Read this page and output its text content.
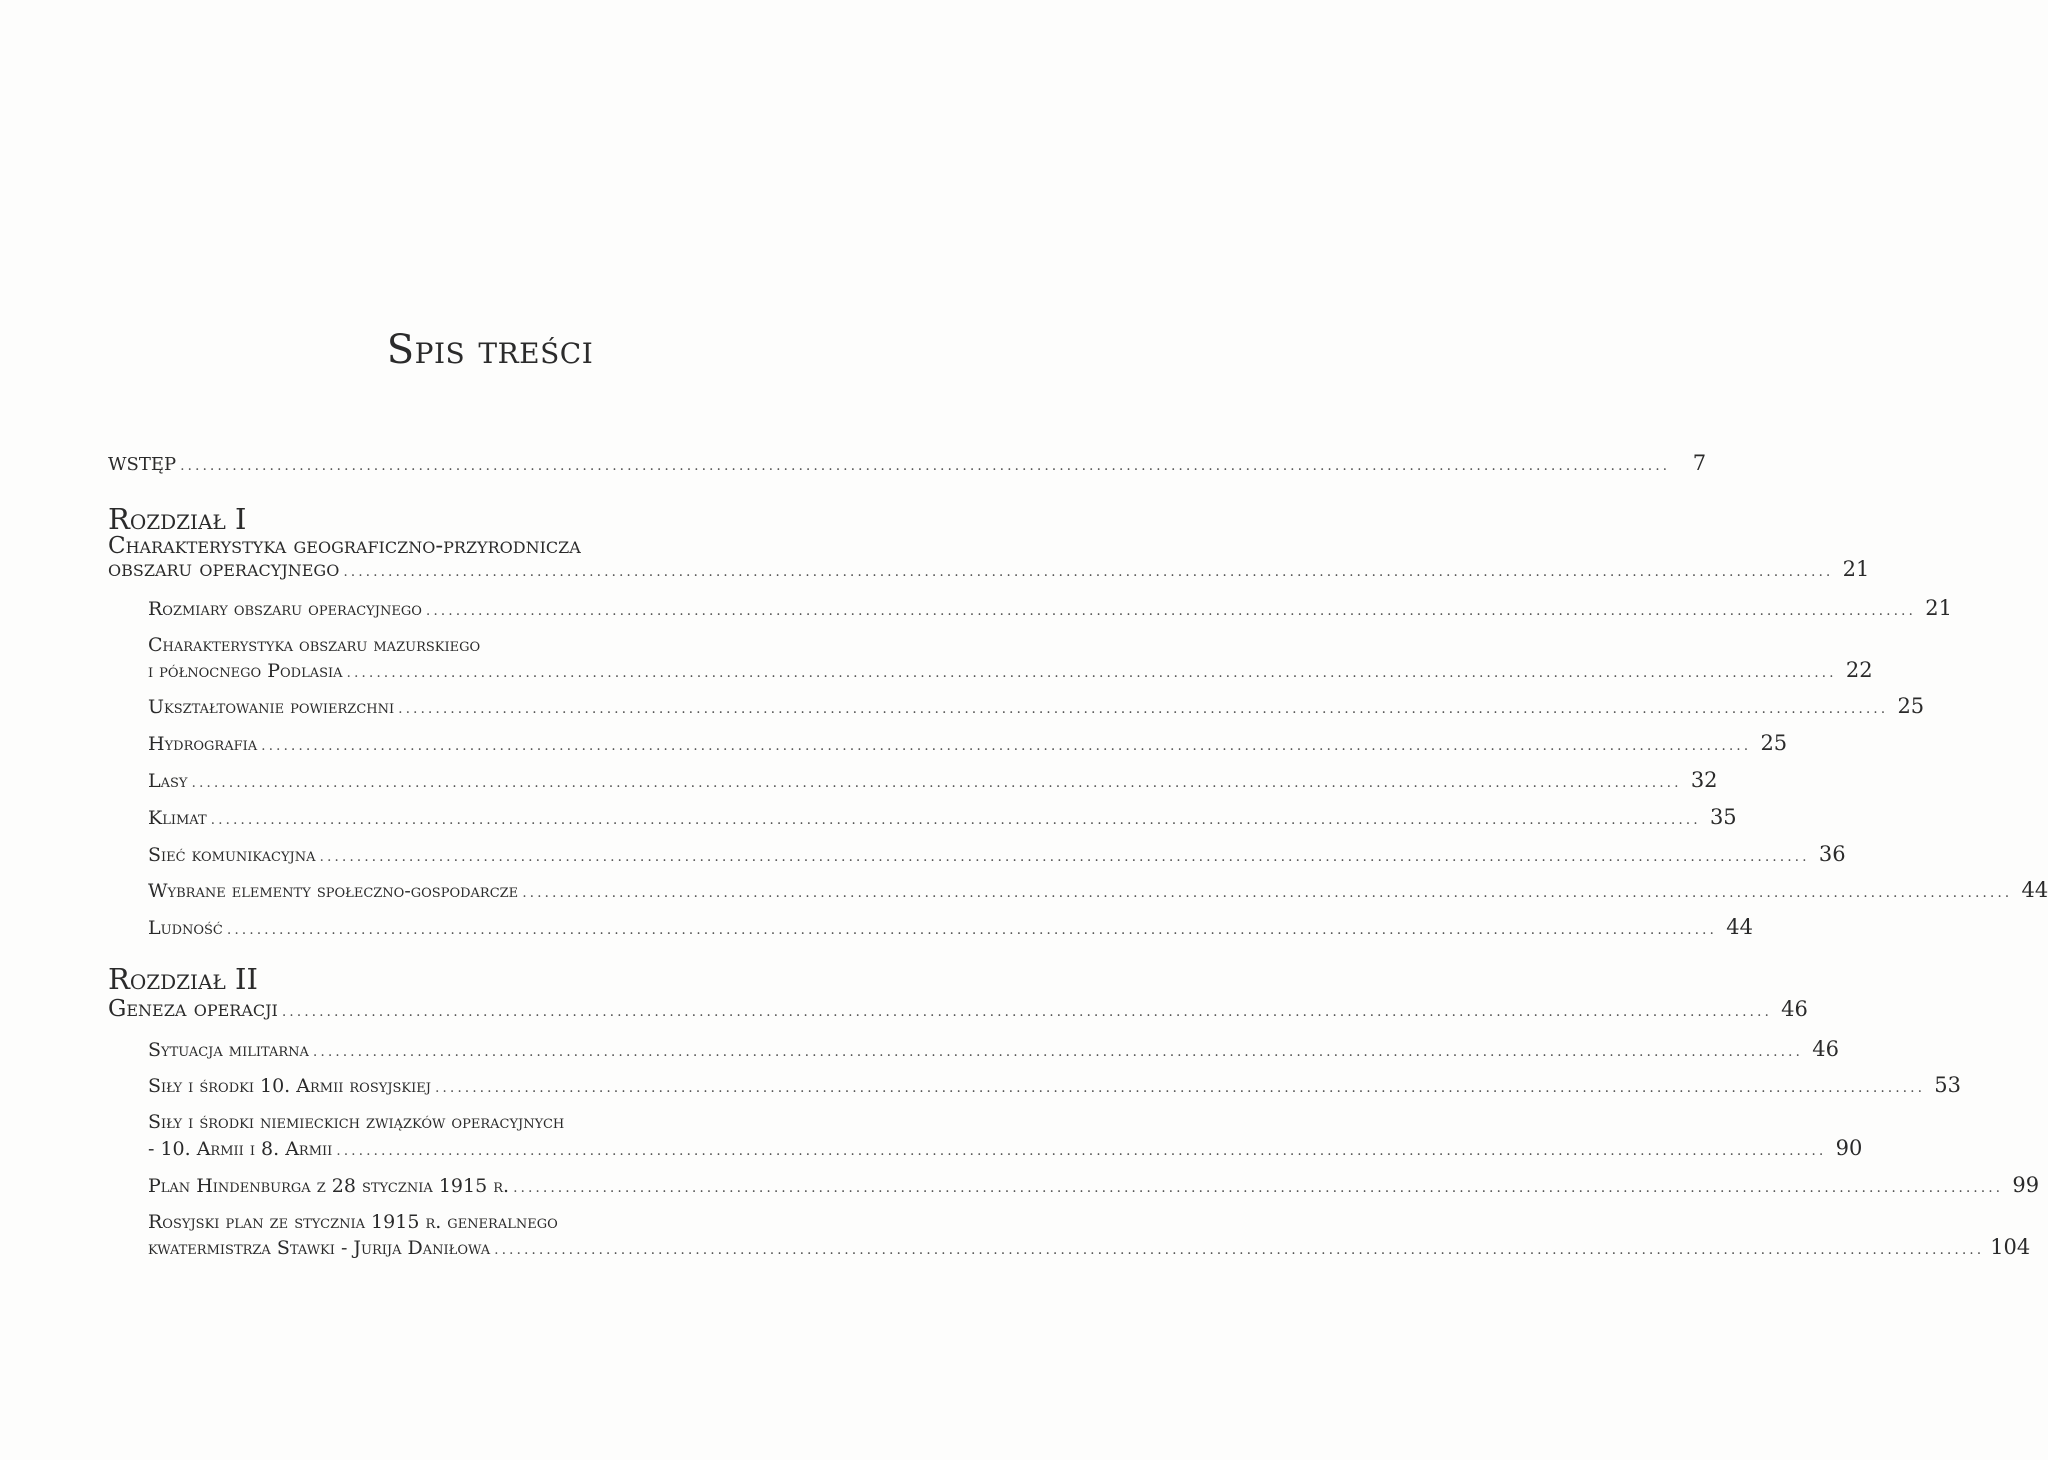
Spis treści
wstęp ........................................................................................................................................................................................................	7
Rozdział I
Charakterystyka geograficzno-przyrodnicza
obszaru operacyjnego ........................................................................................................................................................................................................ 21
Rozmiary obszaru operacyjnego ........................................................................................................................................................................................................ 21
Charakterystyka obszaru mazurskiego
i północnego Podlasia ........................................................................................................................................................................................................ 22
Ukształtowanie powierzchni ........................................................................................................................................................................................................ 25
Hydrografia ........................................................................................................................................................................................................ 25
Lasy ........................................................................................................................................................................................................ 32
Klimat ........................................................................................................................................................................................................ 35
Sieć komunikacyjna ........................................................................................................................................................................................................ 36
Wybrane elementy społeczno-gospodarcze ........................................................................................................................................................................................................ 44
Ludność ........................................................................................................................................................................................................ 44
Rozdział II
Geneza operacji ........................................................................................................................................................................................................ 46
Sytuacja militarna ........................................................................................................................................................................................................ 46
Siły i środki 10. Armii rosyjskiej ........................................................................................................................................................................................................ 53
Siły i środki niemieckich związków operacyjnych
- 10. Armii i 8. Armii ........................................................................................................................................................................................................ 90
Plan Hindenburga z 28 stycznia 1915 r. ........................................................................................................................................................................................................ 99
Rosyjski plan ze stycznia 1915 r. generalnego
kwatermistrza Stawki - Jurija Daniłowa ........................................................................................................................................................................................................ 104
